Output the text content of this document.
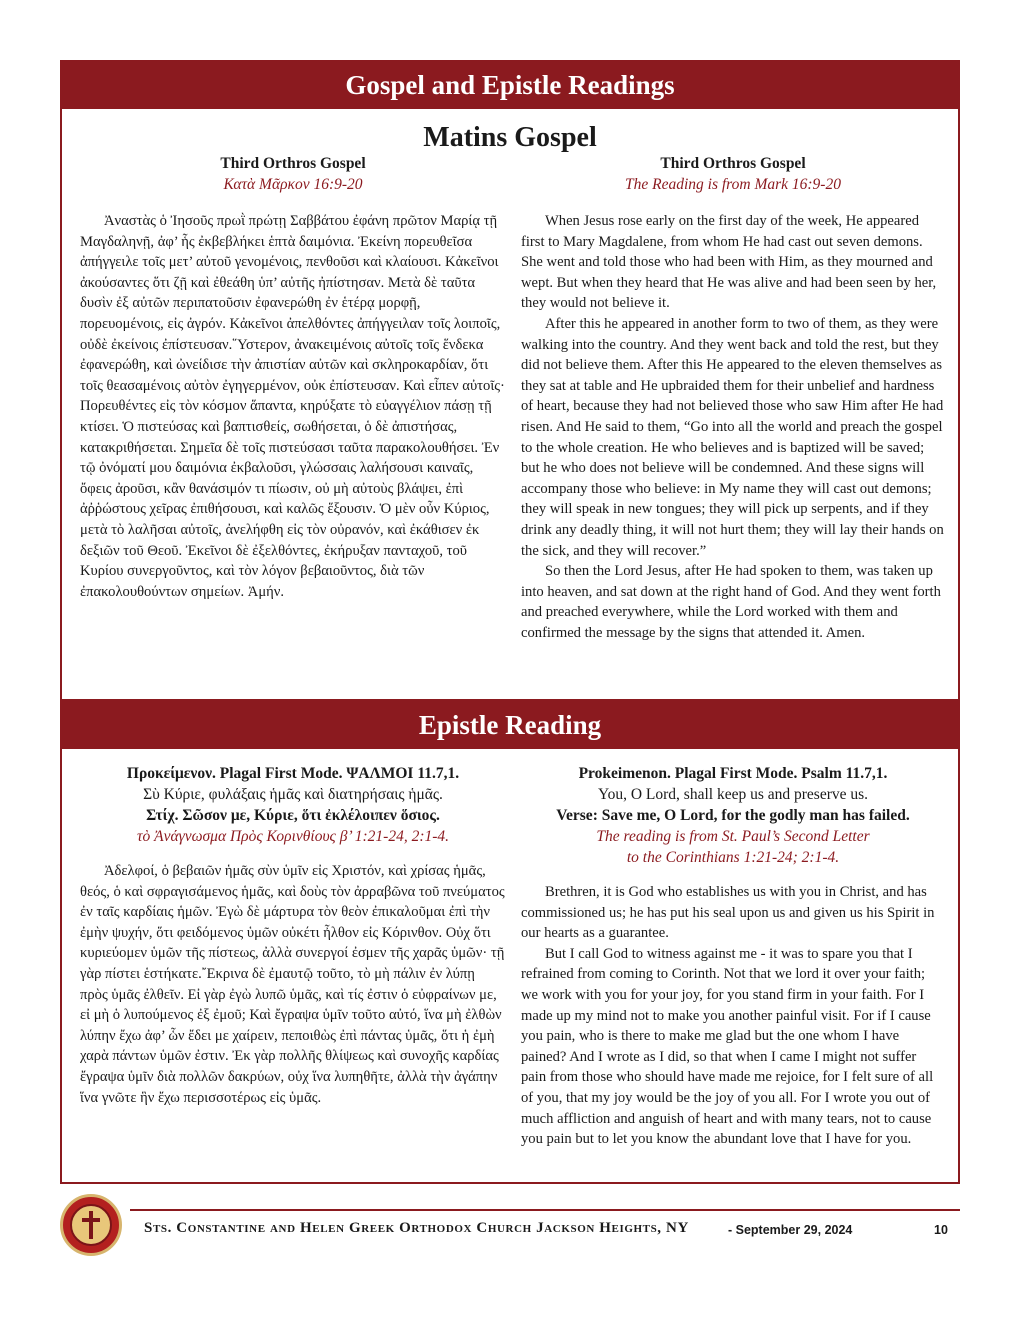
Gospel and Epistle Readings
Matins Gospel
Third Orthros Gospel
Κατὰ Μᾶρκον 16:9-20

Ἀναστὰς ὁ Ἰησοῦς πρωῒ πρώτῃ Σαββάτου ἐφάνη πρῶτον Μαρίᾳ τῇ Μαγδαληνῇ, ἀφ’ ἧς ἐκβεβλήκει ἑπτὰ δαιμόνια. Ἐκείνη πορευθεῖσα ἀπήγγειλε τοῖς μετ’ αὐτοῦ γενομένοις, πενθοῦσι καὶ κλαίουσι. Κἀκεῖνοι ἀκούσαντες ὅτι ζῇ καὶ ἐθεάθη ὑπ’ αὐτῆς ἠπίστησαν. Μετὰ δὲ ταῦτα δυσὶν ἐξ αὐτῶν περιπατοῦσιν ἐφανερώθη ἐν ἑτέρᾳ μορφῇ, πορευομένοις, εἰς ἀγρόν. Κἀκεῖνοι ἀπελθόντες ἀπήγγειλαν τοῖς λοιποῖς, οὐδὲ ἐκείνοις ἐπίστευσαν.῞Υστερον, ἀνακειμένοις αὐτοῖς τοῖς ἕνδεκα ἐφανερώθη, καὶ ὠνείδισε τὴν ἀπιστίαν αὐτῶν καὶ σκληροκαρδίαν, ὅτι τοῖς θεασαμένοις αὐτὸν ἐγηγερμένον, οὐκ ἐπίστευσαν. Καὶ εἶπεν αὐτοῖς· Πορευθέντες εἰς τὸν κόσμον ἅπαντα, κηρύξατε τὸ εὐαγγέλιον πάσῃ τῇ κτίσει. Ὁ πιστεύσας καὶ βαπτισθείς, σωθήσεται, ὁ δὲ ἀπιστήσας, κατακριθήσεται. Σημεῖα δὲ τοῖς πιστεύσασι ταῦτα παρακολουθήσει. Ἐν τῷ ὀνόματί μου δαιμόνια ἐκβαλοῦσι, γλώσσαις λαλήσουσι καιναῖς, ὄφεις ἀροῦσι, κἂν θανάσιμόν τι πίωσιν, οὐ μὴ αὐτοὺς βλάψει, ἐπὶ ἀῤῥώστους χεῖρας ἐπιθήσουσι, καὶ καλῶς ἕξουσιν. Ὁ μὲν οὖν Κύριος, μετὰ τὸ λαλῆσαι αὐτοῖς, ἀνελήφθη εἰς τὸν οὐρανόν, καὶ ἐκάθισεν ἐκ δεξιῶν τοῦ Θεοῦ. Ἐκεῖνοι δὲ ἐξελθόντες, ἐκήρυξαν πανταχοῦ, τοῦ Κυρίου συνεργοῦντος, καὶ τὸν λόγον βεβαιοῦντος, διὰ τῶν ἐπακολουθούντων σημείων. Ἀμήν.

Third Orthros Gospel
The Reading is from Mark 16:9-20

When Jesus rose early on the first day of the week, He appeared first to Mary Magdalene, from whom He had cast out seven demons. She went and told those who had been with Him, as they mourned and wept. But when they heard that He was alive and had been seen by her, they would not believe it.

After this he appeared in another form to two of them, as they were walking into the country. And they went back and told the rest, but they did not believe them. After this He appeared to the eleven themselves as they sat at table and He upbraided them for their unbelief and hardness of heart, because they had not believed those who saw Him after He had risen. And He said to them, “Go into all the world and preach the gospel to the whole creation. He who believes and is baptized will be saved; but he who does not believe will be condemned. And these signs will accompany those who believe: in My name they will cast out demons; they will speak in new tongues; they will pick up serpents, and if they drink any deadly thing, it will not hurt them; they will lay their hands on the sick, and they will recover.”

So then the Lord Jesus, after He had spoken to them, was taken up into heaven, and sat down at the right hand of God. And they went forth and preached everywhere, while the Lord worked with them and confirmed the message by the signs that attended it. Amen.

Epistle Reading
Προκείμενον. Plagal First Mode. ΨΑΛΜΟΙ 11.7,1.
Σὺ Κύριε, φυλάξαις ἡμᾶς καὶ διατηρήσαις ἡμᾶς.
Στίχ. Σῶσον με, Κύριε, ὅτι ἐκλέλοιπεν ὅσιος.
τὸ Ἀνάγνωσμα Πρὸς Κορινθίους β’ 1:21-24, 2:1-4.

Ἀδελφοί, ὁ βεβαιῶν ἡμᾶς σὺν ὑμῖν εἰς Χριστόν, καὶ χρίσας ἡμᾶς, θεός, ὁ καὶ σφραγισάμενος ἡμᾶς, καὶ δοὺς τὸν ἀρραβῶνα τοῦ πνεύματος ἐν ταῖς καρδίαις ἡμῶν. Ἐγὼ δὲ μάρτυρα τὸν θεὸν ἐπικαλοῦμαι ἐπὶ τὴν ἐμὴν ψυχήν, ὅτι φειδόμενος ὑμῶν οὐκέτι ἦλθον εἰς Κόρινθον. Οὐχ ὅτι κυριεύομεν ὑμῶν τῆς πίστεως, ἀλλὰ συνεργοί ἐσμεν τῆς χαρᾶς ὑμῶν· τῇ γὰρ πίστει ἑστήκατε.῎Εκρινα δὲ ἐμαυτῷ τοῦτο, τὸ μὴ πάλιν ἐν λύπῃ πρὸς ὑμᾶς ἐλθεῖν. Εἰ γὰρ ἐγὼ λυπῶ ὑμᾶς, καὶ τίς ἐστιν ὁ εὐφραίνων με, εἰ μὴ ὁ λυπούμενος ἐξ ἐμοῦ; Καὶ ἔγραψα ὑμῖν τοῦτο αὐτό, ἵνα μὴ ἐλθὼν λύπην ἔχω ἀφ’ ὧν ἔδει με χαίρειν, πεποιθὼς ἐπὶ πάντας ὑμᾶς, ὅτι ἡ ἐμὴ χαρὰ πάντων ὑμῶν ἐστιν. Ἐκ γὰρ πολλῆς θλίψεως καὶ συνοχῆς καρδίας ἔγραψα ὑμῖν διὰ πολλῶν δακρύων, οὐχ ἵνα λυπηθῆτε, ἀλλὰ τὴν ἀγάπην ἵνα γνῶτε ἣν ἔχω περισσοτέρως εἰς ὑμᾶς.

Prokeimenon. Plagal First Mode. Psalm 11.7,1.
You, O Lord, shall keep us and preserve us.
Verse: Save me, O Lord, for the godly man has failed.
The reading is from St. Paul’s Second Letter
to the Corinthians 1:21-24; 2:1-4.

Brethren, it is God who establishes us with you in Christ, and has commissioned us; he has put his seal upon us and given us his Spirit in our hearts as a guarantee.

But I call God to witness against me - it was to spare you that I refrained from coming to Corinth. Not that we lord it over your faith; we work with you for your joy, for you stand firm in your faith. For I made up my mind not to make you another painful visit. For if I cause you pain, who is there to make me glad but the one whom I have pained? And I wrote as I did, so that when I came I might not suffer pain from those who should have made me rejoice, for I felt sure of all of you, that my joy would be the joy of you all. For I wrote you out of much affliction and anguish of heart and with many tears, not to cause you pain but to let you know the abundant love that I have for you.

Sts. Constantine and Helen Greek Orthodox Church Jackson Heights, NY	- September 29, 2024	10
